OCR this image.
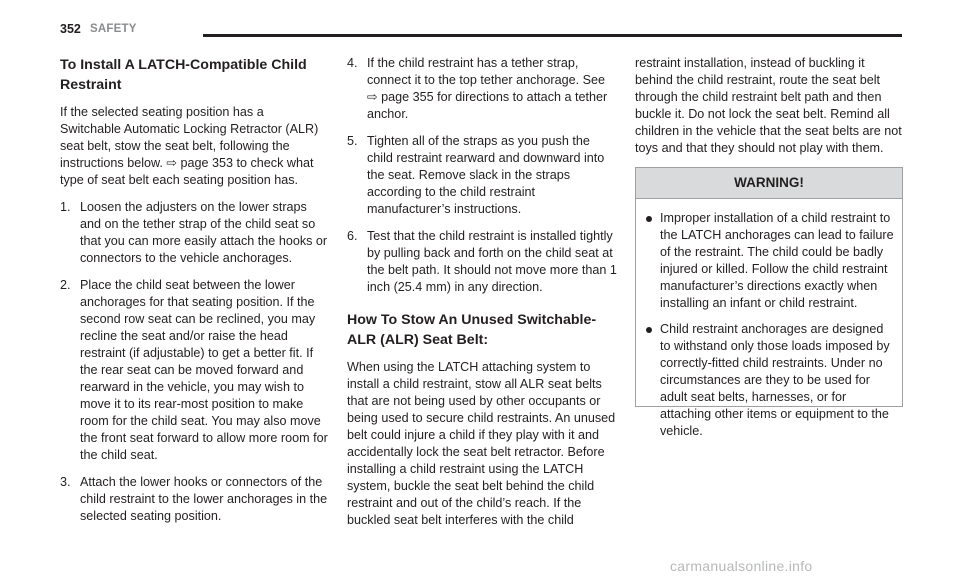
352 SAFETY
To Install A LATCH-Compatible Child Restraint

If the selected seating position has a Switchable Automatic Locking Retractor (ALR) seat belt, stow the seat belt, following the instructions below. ⇨ page 353 to check what type of seat belt each seating position has.

1. Loosen the adjusters on the lower straps and on the tether strap of the child seat so that you can more easily attach the hooks or connectors to the vehicle anchorages.
2. Place the child seat between the lower anchorages for that seating position. If the second row seat can be reclined, you may recline the seat and/or raise the head restraint (if adjustable) to get a better fit. If the rear seat can be moved forward and rearward in the vehicle, you may wish to move it to its rear-most position to make room for the child seat. You may also move the front seat forward to allow more room for the child seat.
3. Attach the lower hooks or connectors of the child restraint to the lower anchorages in the selected seating position.
4. If the child restraint has a tether strap, connect it to the top tether anchorage. See
⇨ page 355 for directions to attach a tether anchor.
5. Tighten all of the straps as you push the child restraint rearward and downward into the seat. Remove slack in the straps according to the child restraint manufacturer’s instructions.
6. Test that the child restraint is installed tightly by pulling back and forth on the child seat at the belt path. It should not move more than 1 inch (25.4 mm) in any direction.
How To Stow An Unused Switchable-ALR (ALR) Seat Belt:

When using the LATCH attaching system to install a child restraint, stow all ALR seat belts that are not being used by other occupants or being used to secure child restraints. An unused belt could injure a child if they play with it and accidentally lock the seat belt retractor. Before installing a child restraint using the LATCH system, buckle the seat belt behind the child restraint and out of the child’s reach. If the buckled seat belt interferes with the child

restraint installation, instead of buckling it behind the child restraint, route the seat belt through the child restraint belt path and then buckle it. Do not lock the seat belt. Remind all children in the vehicle that the seat belts are not toys and that they should not play with them.

WARNING!
Improper installation of a child restraint to the LATCH anchorages can lead to failure of the restraint. The child could be badly injured or killed. Follow the child restraint manufacturer’s directions exactly when installing an infant or child restraint.
Child restraint anchorages are designed to withstand only those loads imposed by correctly-fitted child restraints. Under no circumstances are they to be used for adult seat belts, harnesses, or for attaching other items or equipment to the vehicle.
carmanualsonline.info
